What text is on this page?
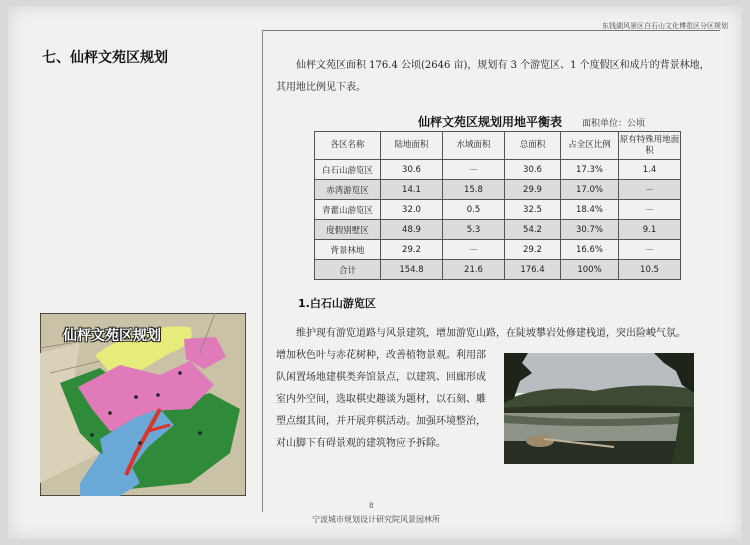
东钱湖风景区白石山文化博览区分区规划
七、仙枰文苑区规划	仙枰文苑区面积 176.4 公顷(2646 亩)，规划有 3 个游览区、1 个度假区和成片的背景林地，其用地比例见下表。
仙枰文苑区规划用地平衡表 面积单位：公顷
各区名称	陆地面积	水域面积	总面积	占全区比例	原有特殊用地面积
白石山游览区	30.6	－	30.6	17.3%	1.4
赤湾游览区	14.1	15.8	29.9	17.0%	－
青藿山游览区	32.0	0.5	32.5	18.4%	－
度假别墅区	48.9	5.3	54.2	30.7%	9.1
背景林地	29.2	－	29.2	16.6%	－
合计	154.8	21.6	176.4	100%	10.5
1.白石山游览区
维护现有游览道路与风景建筑，增加游览山路，在陡坡攀岩处修建栈道，突出险峻气氛。
增加秋色叶与赤花树种，改善植物景观。利用部
队闲置场地建棋类奔馆景点，以建筑、回廊形成
室内外空间，选取棋史趣谈为题材，以石刻、雕
塑点缀其间，并开展弈棋活动。加强环境整治，
对山脚下有碍景观的建筑物应予拆除。
仙枰文苑区规划
8
宁波城市规划设计研究院风景园林所
